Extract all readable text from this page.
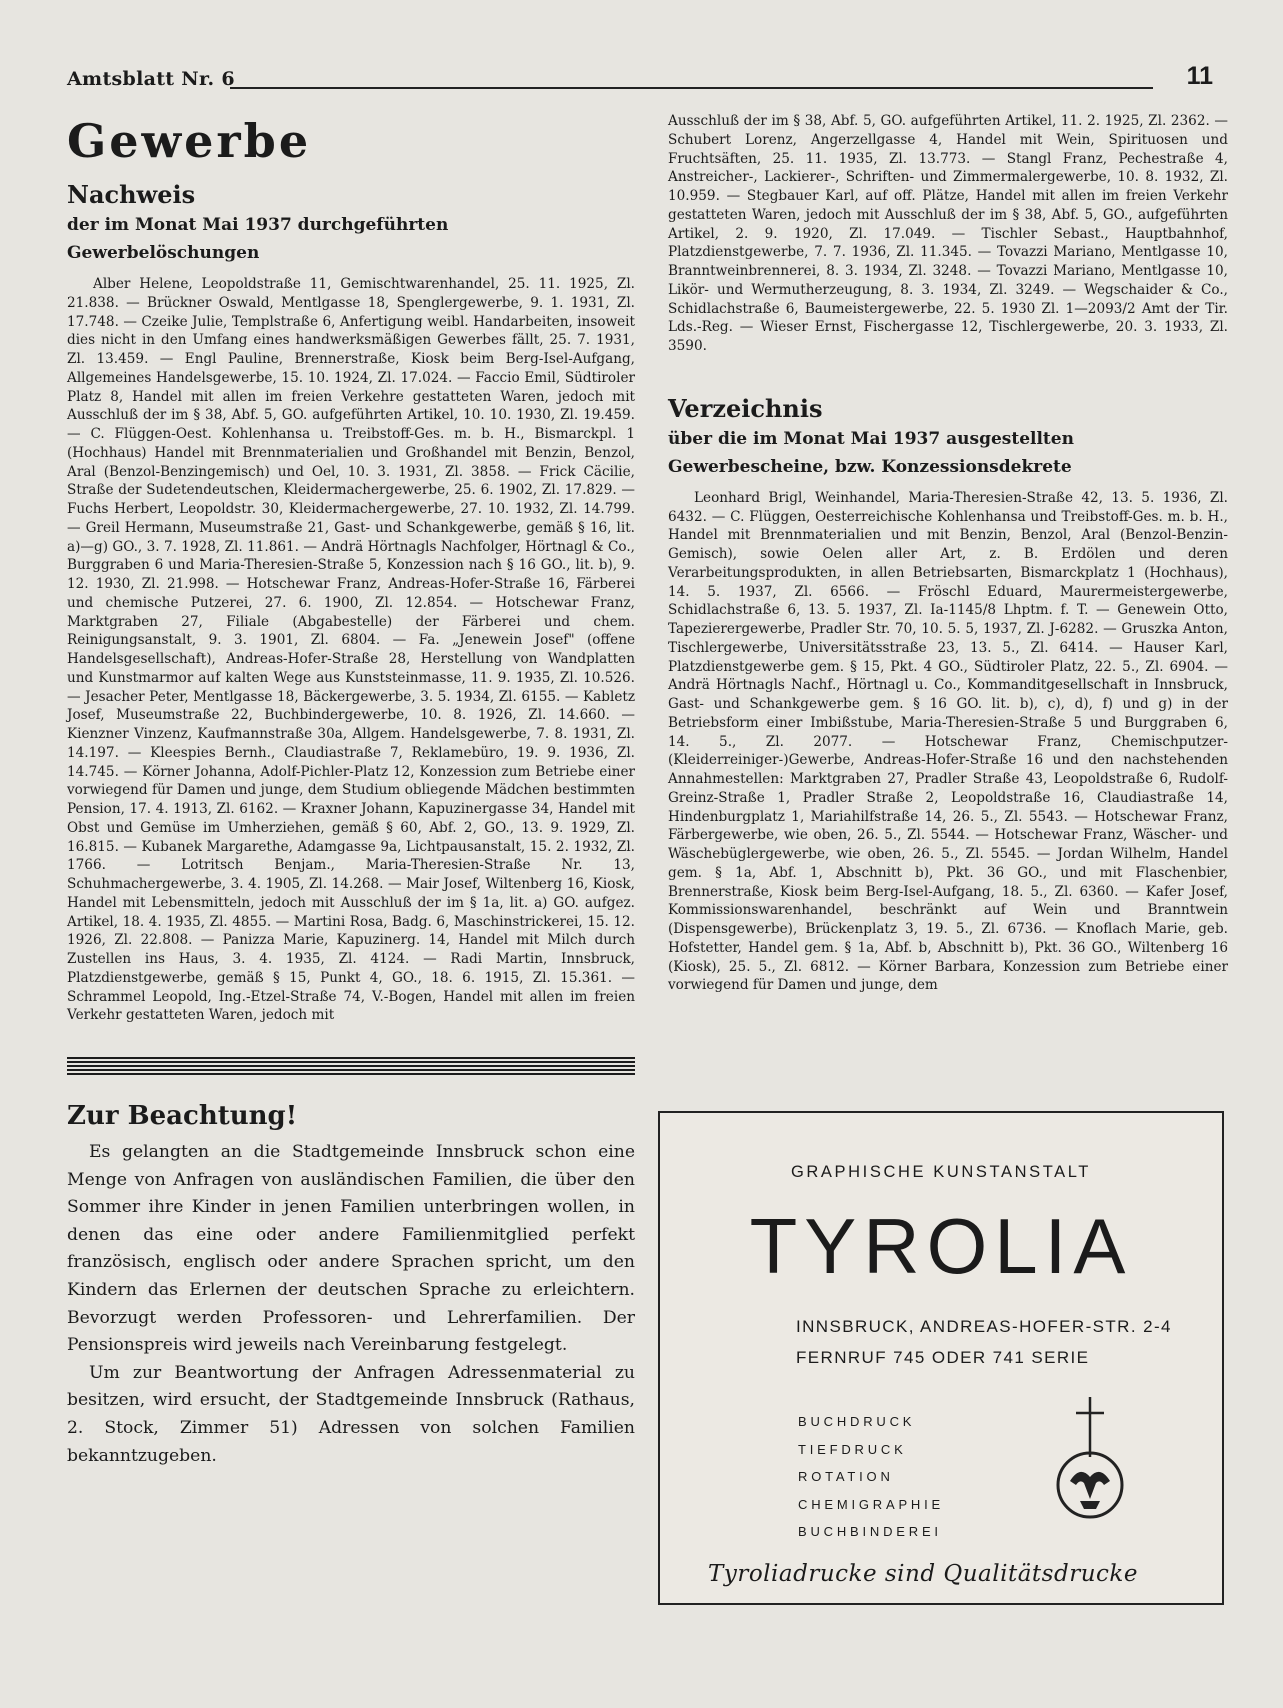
Amtsblatt Nr. 6	11
Gewerbe
Nachweis
der im Monat Mai 1937 durchgeführten Gewerbelöschungen

Alber Helene, Leopoldstraße 11, Gemischtwarenhandel, 25. 11. 1925, Zl. 21.838. — Brückner Oswald, Mentlgasse 18, Spenglergewerbe, 9. 1. 1931, Zl. 17.748. — Czeike Julie, Templstraße 6, Anfertigung weibl. Handarbeiten, insoweit dies nicht in den Umfang eines handwerksmäßigen Gewerbes fällt, 25. 7. 1931, Zl. 13.459. — Engl Pauline, Brennerstraße, Kiosk beim Berg-Isel-Aufgang, Allgemeines Handelsgewerbe, 15. 10. 1924, Zl. 17.024. — Faccio Emil, Südtiroler Platz 8, Handel mit allen im freien Verkehre gestatteten Waren, jedoch mit Ausschluß der im § 38, Abf. 5, GO. aufgeführten Artikel, 10. 10. 1930, Zl. 19.459. — C. Flüggen-Oest. Kohlenhansa u. Treibstoff-Ges. m. b. H., Bismarckpl. 1 (Hochhaus) Handel mit Brennmaterialien und Großhandel mit Benzin, Benzol, Aral (Benzol-Benzingemisch) und Oel, 10. 3. 1931, Zl. 3858. — Frick Cäcilie, Straße der Sudetendeutschen, Kleidermachergewerbe, 25. 6. 1902, Zl. 17.829. — Fuchs Herbert, Leopoldstr. 30, Kleidermachergewerbe, 27. 10. 1932, Zl. 14.799. — Greil Hermann, Museumstraße 21, Gast- und Schankgewerbe, gemäß § 16, lit. a)—g) GO., 3. 7. 1928, Zl. 11.861. — Andrä Hörtnagls Nachfolger, Hörtnagl & Co., Burggraben 6 und Maria-Theresien-Straße 5, Konzession nach § 16 GO., lit. b), 9. 12. 1930, Zl. 21.998. — Hotschewar Franz, Andreas-Hofer-Straße 16, Färberei und chemische Putzerei, 27. 6. 1900, Zl. 12.854. — Hotschewar Franz, Marktgraben 27, Filiale (Abgabestelle) der Färberei und chem. Reinigungsanstalt, 9. 3. 1901, Zl. 6804. — Fa. „Jenewein Josef" (offene Handelsgesellschaft), Andreas-Hofer-Straße 28, Herstellung von Wandplatten und Kunstmarmor auf kalten Wege aus Kunststeinmasse, 11. 9. 1935, Zl. 10.526. — Jesacher Peter, Mentlgasse 18, Bäckergewerbe, 3. 5. 1934, Zl. 6155. — Kabletz Josef, Museumstraße 22, Buchbindergewerbe, 10. 8. 1926, Zl. 14.660. — Kienzner Vinzenz, Kaufmannstraße 30a, Allgem. Handelsgewerbe, 7. 8. 1931, Zl. 14.197. — Kleespies Bernh., Claudiastraße 7, Reklamebüro, 19. 9. 1936, Zl. 14.745. — Körner Johanna, Adolf-Pichler-Platz 12, Konzession zum Betriebe einer vorwiegend für Damen und junge, dem Studium obliegende Mädchen bestimmten Pension, 17. 4. 1913, Zl. 6162. — Kraxner Johann, Kapuzinergasse 34, Handel mit Obst und Gemüse im Umherziehen, gemäß § 60, Abf. 2, GO., 13. 9. 1929, Zl. 16.815. — Kubanek Margarethe, Adamgasse 9a, Lichtpausanstalt, 15. 2. 1932, Zl. 1766. — Lotritsch Benjam., Maria-Theresien-Straße Nr. 13, Schuhmachergewerbe, 3. 4. 1905, Zl. 14.268. — Mair Josef, Wiltenberg 16, Kiosk, Handel mit Lebensmitteln, jedoch mit Ausschluß der im § 1a, lit. a) GO. aufgez. Artikel, 18. 4. 1935, Zl. 4855. — Martini Rosa, Badg. 6, Maschinstrickerei, 15. 12. 1926, Zl. 22.808. — Panizza Marie, Kapuzinerg. 14, Handel mit Milch durch Zustellen ins Haus, 3. 4. 1935, Zl. 4124. — Radi Martin, Innsbruck, Platzdienstgewerbe, gemäß § 15, Punkt 4, GO., 18. 6. 1915, Zl. 15.361. — Schrammel Leopold, Ing.-Etzel-Straße 74, V.-Bogen, Handel mit allen im freien Verkehr gestatteten Waren, jedoch mit

Zur Beachtung!

Es gelangten an die Stadtgemeinde Innsbruck schon eine Menge von Anfragen von ausländischen Familien, die über den Sommer ihre Kinder in jenen Familien unterbringen wollen, in denen das eine oder andere Familienmitglied perfekt französisch, englisch oder andere Sprachen spricht, um den Kindern das Erlernen der deutschen Sprache zu erleichtern. Bevorzugt werden Professoren- und Lehrerfamilien. Der Pensionspreis wird jeweils nach Vereinbarung festgelegt.

Um zur Beantwortung der Anfragen Adressenmaterial zu besitzen, wird ersucht, der Stadtgemeinde Innsbruck (Rathaus, 2. Stock, Zimmer 51) Adressen von solchen Familien bekanntzugeben.

Ausschluß der im § 38, Abf. 5, GO. aufgeführten Artikel, 11. 2. 1925, Zl. 2362. — Schubert Lorenz, Angerzellgasse 4, Handel mit Wein, Spirituosen und Fruchtsäften, 25. 11. 1935, Zl. 13.773. — Stangl Franz, Pechestraße 4, Anstreicher-, Lackierer-, Schriften- und Zimmermalergewerbe, 10. 8. 1932, Zl. 10.959. — Stegbauer Karl, auf off. Plätze, Handel mit allen im freien Verkehr gestatteten Waren, jedoch mit Ausschluß der im § 38, Abf. 5, GO., aufgeführten Artikel, 2. 9. 1920, Zl. 17.049. — Tischler Sebast., Hauptbahnhof, Platzdienstgewerbe, 7. 7. 1936, Zl. 11.345. — Tovazzi Mariano, Mentlgasse 10, Branntweinbrennerei, 8. 3. 1934, Zl. 3248. — Tovazzi Mariano, Mentlgasse 10, Likör- und Wermutherzeugung, 8. 3. 1934, Zl. 3249. — Wegschaider & Co., Schidlachstraße 6, Baumeistergewerbe, 22. 5. 1930 Zl. 1—2093/2 Amt der Tir. Lds.-Reg. — Wieser Ernst, Fischergasse 12, Tischlergewerbe, 20. 3. 1933, Zl. 3590.

Verzeichnis
über die im Monat Mai 1937 ausgestellten Gewerbescheine, bzw. Konzessionsdekrete

Leonhard Brigl, Weinhandel, Maria-Theresien-Straße 42, 13. 5. 1936, Zl. 6432. — C. Flüggen, Oesterreichische Kohlenhansa und Treibstoff-Ges. m. b. H., Handel mit Brennmaterialien und mit Benzin, Benzol, Aral (Benzol-Benzin-Gemisch), sowie Oelen aller Art, z. B. Erdölen und deren Verarbeitungsprodukten, in allen Betriebsarten, Bismarckplatz 1 (Hochhaus), 14. 5. 1937, Zl. 6566. — Fröschl Eduard, Maurermeistergewerbe, Schidlachstraße 6, 13. 5. 1937, Zl. Ia-1145/8 Lhptm. f. T. — Genewein Otto, Tapezierergewerbe, Pradler Str. 70, 10. 5. 5, 1937, Zl. J-6282. — Gruszka Anton, Tischlergewerbe, Universitätsstraße 23, 13. 5., Zl. 6414. — Hauser Karl, Platzdienstgewerbe gem. § 15, Pkt. 4 GO., Südtiroler Platz, 22. 5., Zl. 6904. — Andrä Hörtnagls Nachf., Hörtnagl u. Co., Kommanditgesellschaft in Innsbruck, Gast- und Schankgewerbe gem. § 16 GO. lit. b), c), d), f) und g) in der Betriebsform einer Imbißstube, Maria-Theresien-Straße 5 und Burggraben 6, 14. 5., Zl. 2077. — Hotschewar Franz, Chemischputzer-(Kleiderreiniger-)Gewerbe, Andreas-Hofer-Straße 16 und den nachstehenden Annahmestellen: Marktgraben 27, Pradler Straße 43, Leopoldstraße 6, Rudolf-Greinz-Straße 1, Pradler Straße 2, Leopoldstraße 16, Claudiastraße 14, Hindenburgplatz 1, Mariahilfstraße 14, 26. 5., Zl. 5543. — Hotschewar Franz, Färbergewerbe, wie oben, 26. 5., Zl. 5544. — Hotschewar Franz, Wäscher- und Wäschebüglergewerbe, wie oben, 26. 5., Zl. 5545. — Jordan Wilhelm, Handel gem. § 1a, Abf. 1, Abschnitt b), Pkt. 36 GO., und mit Flaschenbier, Brennerstraße, Kiosk beim Berg-Isel-Aufgang, 18. 5., Zl. 6360. — Kafer Josef, Kommissionswarenhandel, beschränkt auf Wein und Branntwein (Dispensgewerbe), Brückenplatz 3, 19. 5., Zl. 6736. — Knoflach Marie, geb. Hofstetter, Handel gem. § 1a, Abf. b, Abschnitt b), Pkt. 36 GO., Wiltenberg 16 (Kiosk), 25. 5., Zl. 6812. — Körner Barbara, Konzession zum Betriebe einer vorwiegend für Damen und junge, dem

GRAPHISCHE KUNSTANSTALT
TYROLIA
INNSBRUCK, ANDREAS-HOFER-STR. 2-4
FERNRUF 745 ODER 741 SERIE
BUCHDRUCK
TIEFDRUCK
ROTATION
CHEMIGRAPHIE
BUCHBINDEREI
Tyroliadrucke sind Qualitätsdrucke
